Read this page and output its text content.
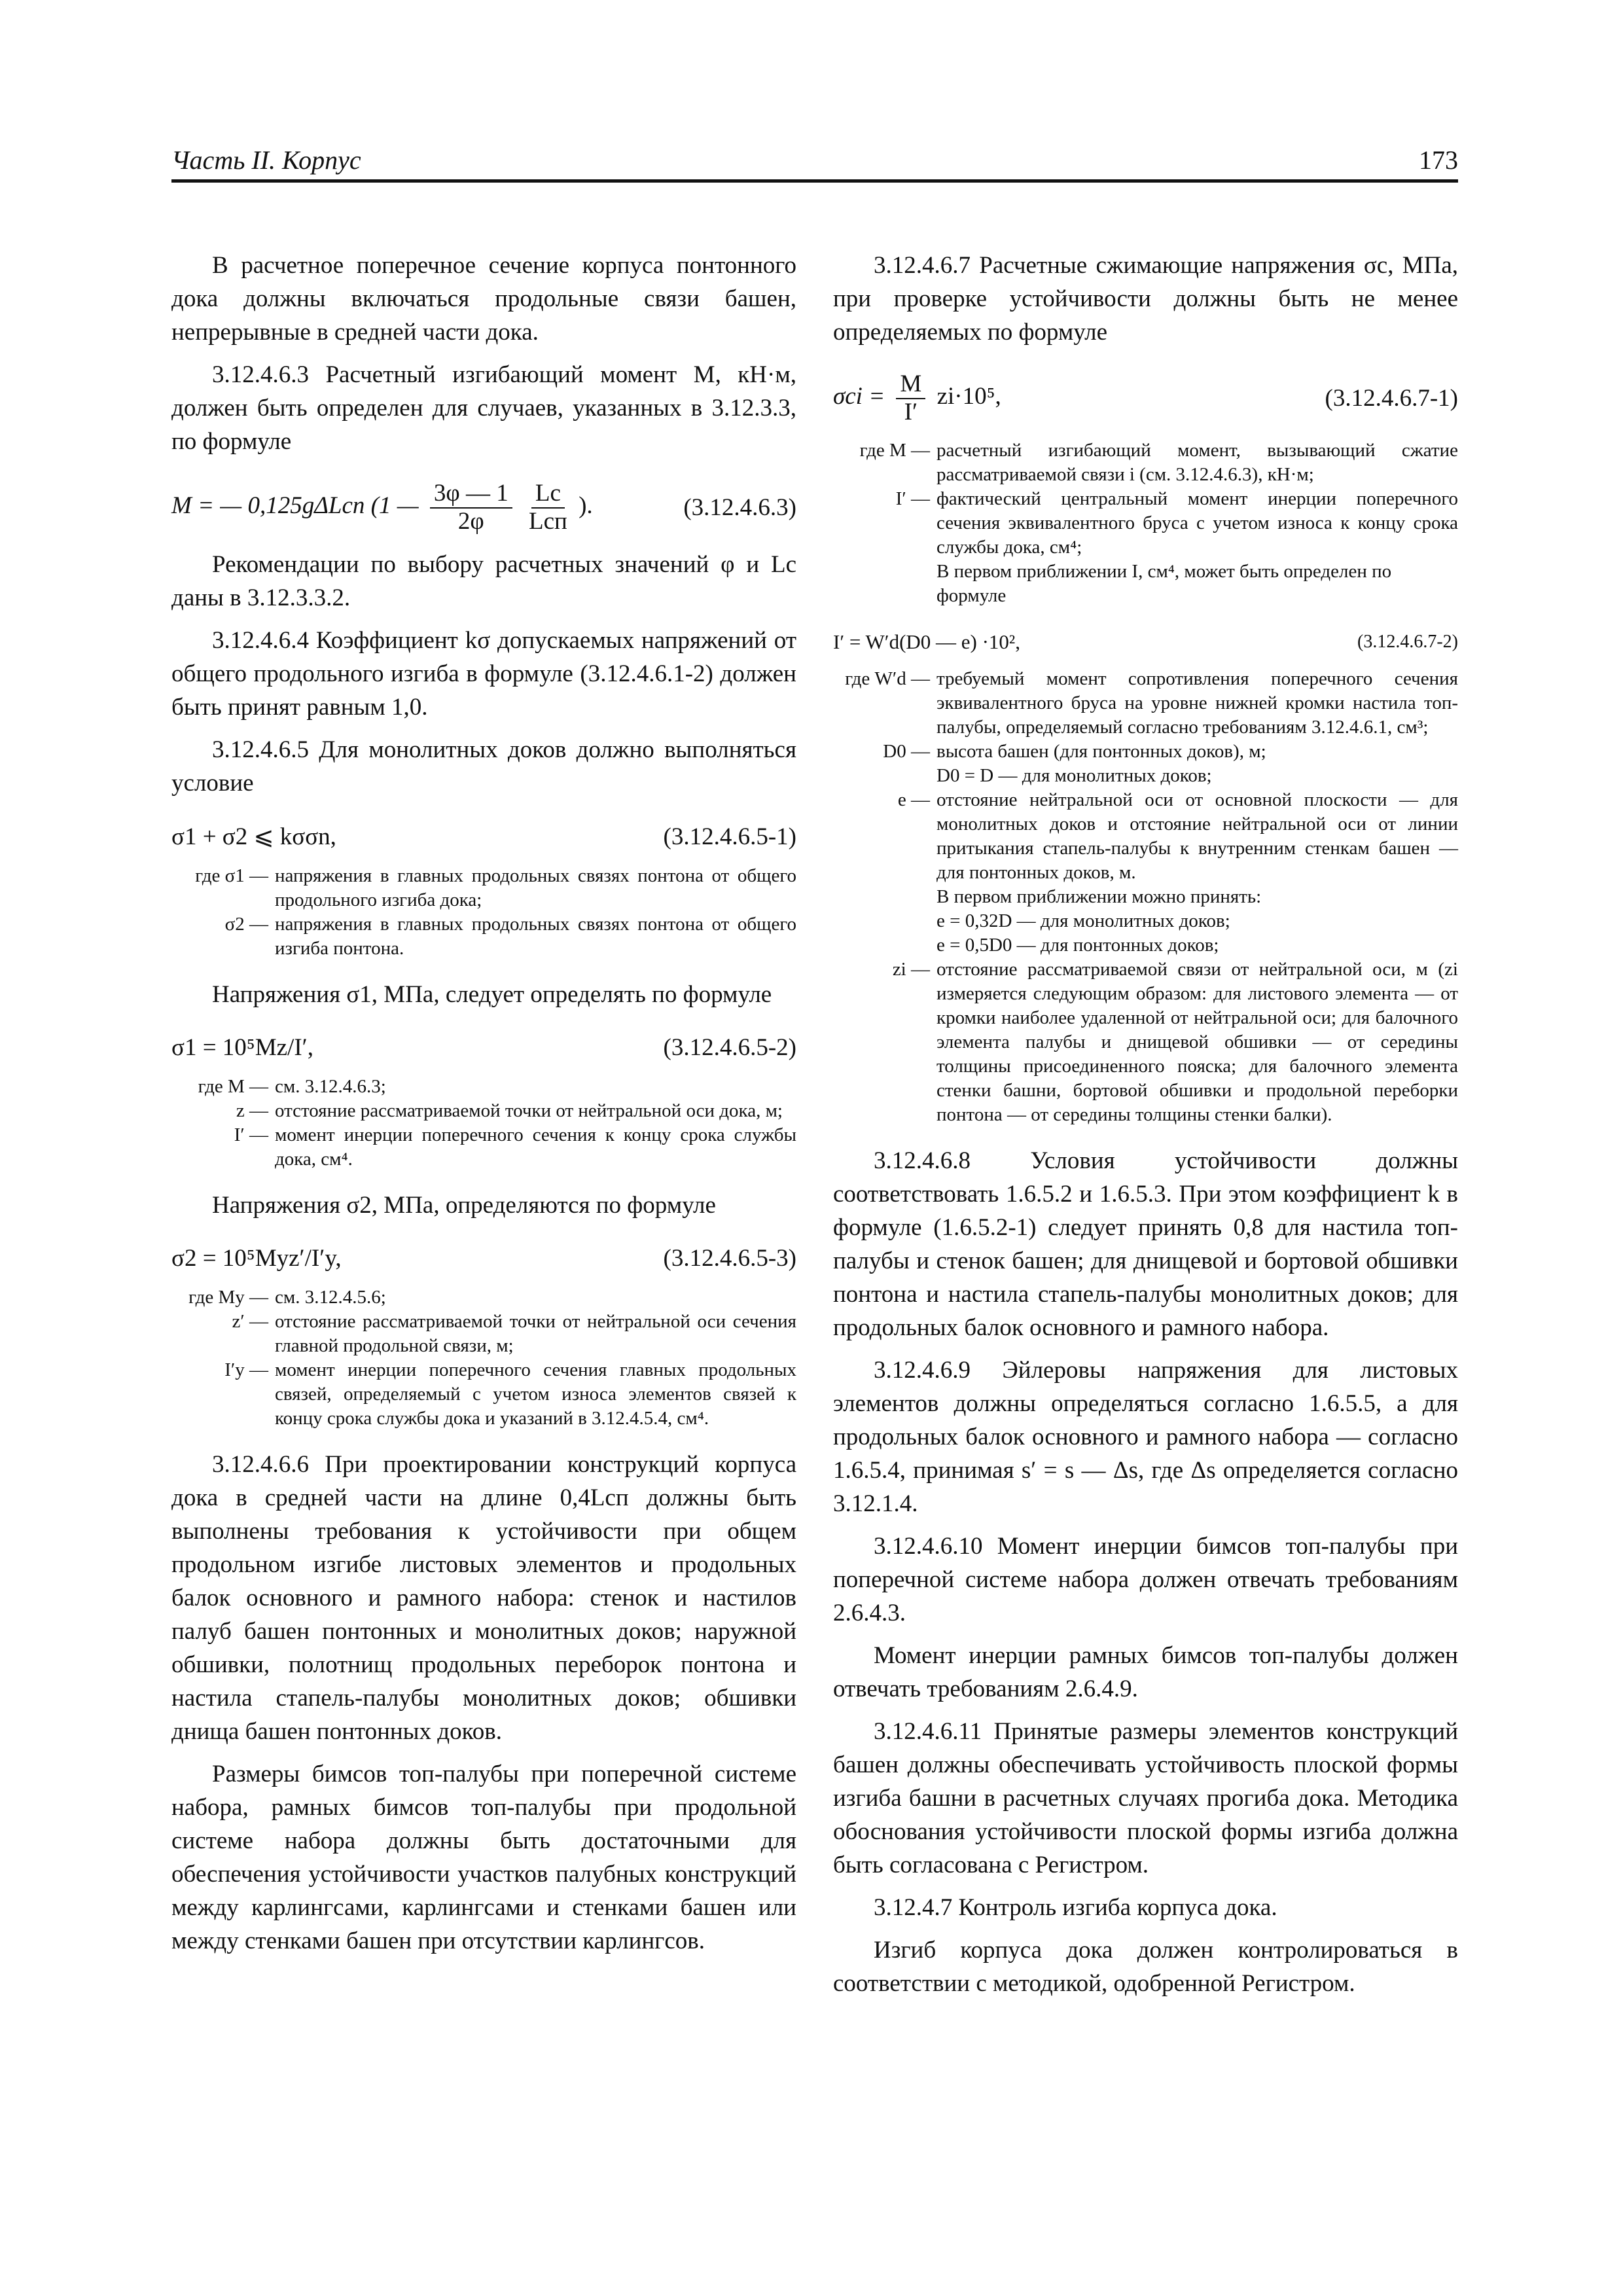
Часть II. Корпус	173

В расчетное поперечное сечение корпуса понтонного дока должны включаться продольные связи башен, непрерывные в средней части дока.

3.12.4.6.3 Расчетный изгибающий момент M, кН·м, должен быть определен для случаев, указанных в 3.12.3.3, по формуле

M = — 0,125gΔLсп (1 — $\frac{3\varphi — 1}{2\varphi}$
$\frac{Lс}{\text{Lсп}}$ ).	(3.12.4.6.3)

Рекомендации по выбору расчетных значений φ и Lс даны в 3.12.3.3.2.

3.12.4.6.4 Коэффициент kσ допускаемых напряжений от общего продольного изгиба в формуле (3.12.4.6.1-2) должен быть принят равным 1,0.

3.12.4.6.5 Для монолитных доков должно выполняться условие

σ1 + σ2 ⩽ kσσn,	(3.12.4.6.5-1)
где σ1 — напряжения в главных продольных связях понтона от общего продольного изгиба дока;
σ2 — напряжения в главных продольных связях понтона от общего изгиба понтона.

Напряжения σ1, МПа, следует определять по формуле

σ1 = 10⁵Mz/I′,	(3.12.4.6.5-2)
где M — см. 3.12.4.6.3;
z — отстояние рассматриваемой точки от нейтральной оси дока, м;
I′ — момент инерции поперечного сечения к концу срока службы дока, см⁴.

Напряжения σ2, МПа, определяются по формуле

σ2 = 10⁵Myz′/I′y,	(3.12.4.6.5-3)
где My — см. 3.12.4.5.6;
z′ — отстояние рассматриваемой точки от нейтральной оси сечения главной продольной связи, м;
I′y — момент инерции поперечного сечения главных продольных связей, определяемый с учетом износа элементов связей к концу срока службы дока и указаний в 3.12.4.5.4, см⁴.

3.12.4.6.6 При проектировании конструкций корпуса дока в средней части на длине 0,4Lсп должны быть выполнены требования к устойчивости при общем продольном изгибе листовых элементов и продольных балок основного и рамного набора: стенок и настилов палуб башен понтонных и монолитных доков; наружной обшивки, полотнищ продольных переборок понтона и настила стапель-палубы монолитных доков; обшивки днища башен понтонных доков.

Размеры бимсов топ-палубы при поперечной системе набора, рамных бимсов топ-палубы при продольной системе набора должны быть достаточными для обеспечения устойчивости участков палубных конструкций между карлингсами, карлингсами и стенками башен или между стенками башен при отсутствии карлингсов.

3.12.4.6.7 Расчетные сжимающие напряжения σc, МПа, при проверке устойчивости должны быть не менее определяемых по формуле

$\sigma ci = \frac{M}{I'} zi\cdot 10^5$,	(3.12.4.6.7-1)
где M — расчетный изгибающий момент, вызывающий сжатие рассматриваемой связи i (см. 3.12.4.6.3), кН·м;
I′ — фактический центральный момент инерции поперечного сечения эквивалентного бруса с учетом износа к концу срока службы дока, см⁴;
В первом приближении I, см⁴, может быть определен по формуле
I′ = W′d(D0 — e) ·10²,	(3.12.4.6.7-2)
где W′d — требуемый момент сопротивления поперечного сечения эквивалентного бруса на уровне нижней кромки настила топ-палубы, определяемый согласно требованиям 3.12.4.6.1, см³;
D0 — высота башен (для понтонных доков), м;
D0 = D — для монолитных доков;
e — отстояние нейтральной оси от основной плоскости — для монолитных доков и отстояние нейтральной оси от линии притыкания стапель-палубы к внутренним стенкам башен — для понтонных доков, м.
В первом приближении можно принять:
e = 0,32D — для монолитных доков;
e = 0,5D0 — для понтонных доков;
zi — отстояние рассматриваемой связи от нейтральной оси, м (zi измеряется следующим образом: для листового элемента — от кромки наиболее удаленной от нейтральной оси; для балочного элемента палубы и днищевой обшивки — от середины толщины присоединенного пояска; для балочного элемента стенки башни, бортовой обшивки и продольной переборки понтона — от середины толщины стенки балки).

3.12.4.6.8 Условия устойчивости должны соответствовать 1.6.5.2 и 1.6.5.3. При этом коэффициент k в формуле (1.6.5.2-1) следует принять 0,8 для настила топ-палубы и стенок башен; для днищевой и бортовой обшивки понтона и настила стапель-палубы монолитных доков; для продольных балок основного и рамного набора.

3.12.4.6.9 Эйлеровы напряжения для листовых элементов должны определяться согласно 1.6.5.5, а для продольных балок основного и рамного набора — согласно 1.6.5.4, принимая s′ = s — Δs, где Δs определяется согласно 3.12.1.4.

3.12.4.6.10 Момент инерции бимсов топ-палубы при поперечной системе набора должен отвечать требованиям 2.6.4.3.

Момент инерции рамных бимсов топ-палубы должен отвечать требованиям 2.6.4.9.

3.12.4.6.11 Принятые размеры элементов конструкций башен должны обеспечивать устойчивость плоской формы изгиба башни в расчетных случаях прогиба дока. Методика обоснования устойчивости плоской формы изгиба должна быть согласована с Регистром.

3.12.4.7 Контроль изгиба корпуса дока.

Изгиб корпуса дока должен контролироваться в соответствии с методикой, одобренной Регистром.
